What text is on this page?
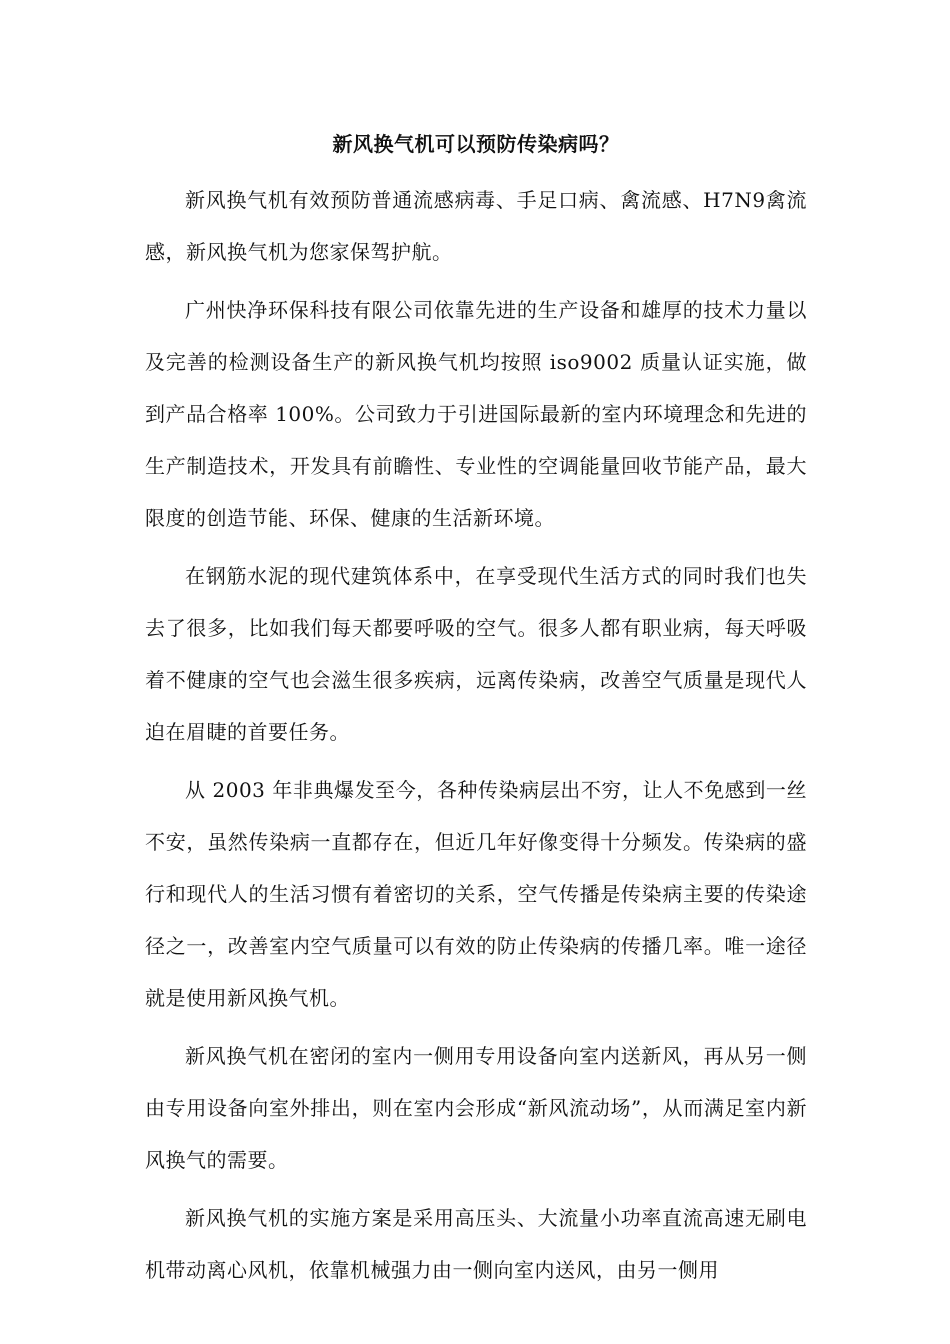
新风换气机可以预防传染病吗？

新风换气机有效预防普通流感病毒、手足口病、禽流感、H7N9禽流感，新风换气机为您家保驾护航。

广州快净环保科技有限公司依靠先进的生产设备和雄厚的技术力量以及完善的检测设备生产的新风换气机均按照 iso9002 质量认证实施，做到产品合格率 100%。公司致力于引进国际最新的室内环境理念和先进的生产制造技术，开发具有前瞻性、专业性的空调能量回收节能产品，最大限度的创造节能、环保、健康的生活新环境。

在钢筋水泥的现代建筑体系中，在享受现代生活方式的同时我们也失去了很多，比如我们每天都要呼吸的空气。很多人都有职业病，每天呼吸着不健康的空气也会滋生很多疾病，远离传染病，改善空气质量是现代人迫在眉睫的首要任务。

从 2003 年非典爆发至今，各种传染病层出不穷，让人不免感到一丝不安，虽然传染病一直都存在，但近几年好像变得十分频发。传染病的盛行和现代人的生活习惯有着密切的关系，空气传播是传染病主要的传染途径之一，改善室内空气质量可以有效的防止传染病的传播几率。唯一途径就是使用新风换气机。

新风换气机在密闭的室内一侧用专用设备向室内送新风，再从另一侧由专用设备向室外排出，则在室内会形成“新风流动场”，从而满足室内新风换气的需要。

新风换气机的实施方案是采用高压头、大流量小功率直流高速无刷电机带动离心风机，依靠机械强力由一侧向室内送风，由另一侧用
